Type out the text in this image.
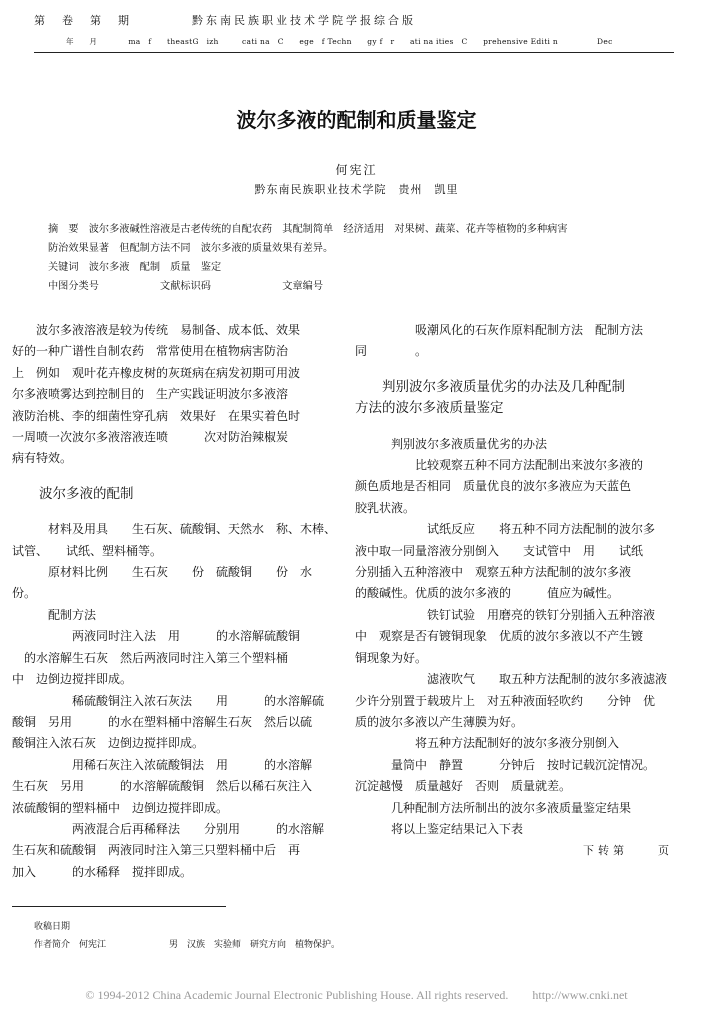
第　卷　第　期	黔东南民族职业技术学院学报综合版
年　　月　　　　ma　f　　theastG　izh　　　cati na　C　　ege　f Techn　　gy f　r　　ati na ities　C　　prehensive Editi n　　　　　Dec
波尔多液的配制和质量鉴定
何宪江
黔东南民族职业技术学院　贵州　凯里

摘　要　波尔多液碱性溶液是古老传统的自配农药　其配制简单　经济适用　对果树、蔬菜、花卉等植物的多种病害

防治效果显著　但配制方法不同　波尔多液的质量效果有差异。

关键词　波尔多液　配制　质量　鉴定

中图分类号　　　　　　文献标识码　　　　　　　文章编号

　　波尔多液溶液是较为传统　易制备、成本低、效果

好的一种广谱性自制农药　常常使用在植物病害防治

上　例如　观叶花卉橡皮树的灰斑病在病发初期可用波

尔多液喷雾达到控制目的　生产实践证明波尔多液溶

液防治桃、李的细菌性穿孔病　效果好　在果实着色时

一周喷一次波尔多液溶液连喷　　　次对防治辣椒炭

病有特效。

　　波尔多液的配制

　　　材料及用具　　生石灰、硫酸铜、天然水　称、木棒、

试管、　　试纸、塑料桶等。

　　　原材料比例　　生石灰　　份　硫酸铜　　份　水

份。

　　　配制方法

　　　　　两液同时注入法　用　　　的水溶解硫酸铜

　的水溶解生石灰　然后两液同时注入第三个塑料桶

中　边倒边搅拌即成。

　　　　　稀硫酸铜注入浓石灰法　　用　　　的水溶解硫

酸铜　另用　　　的水在塑料桶中溶解生石灰　然后以硫

酸铜注入浓石灰　边倒边搅拌即成。

　　　　　用稀石灰注入浓硫酸铜法　用　　　的水溶解

生石灰　另用　　　的水溶解硫酸铜　然后以稀石灰注入

浓硫酸铜的塑料桶中　边倒边搅拌即成。

　　　　　两液混合后再稀释法　　分别用　　　的水溶解

生石灰和硫酸铜　两液同时注入第三只塑料桶中后　再

加入　　　的水稀释　搅拌即成。

　　　　　吸潮风化的石灰作原料配制方法　配制方法

同　　　　。

　　判别波尔多液质量优劣的办法及几种配制

方法的波尔多液质量鉴定

　　　判别波尔多液质量优劣的办法

　　　　　比较观察五种不同方法配制出来波尔多液的

颜色质地是否相同　质量优良的波尔多液应为天蓝色

胶乳状液。

　　　　　　试纸反应　　将五种不同方法配制的波尔多

液中取一同量溶液分别倒入　　支试管中　用　　试纸

分别插入五种溶液中　观察五种方法配制的波尔多液

的酸碱性。优质的波尔多液的　　　值应为碱性。

　　　　　　铁钉试验　用磨亮的铁钉分别插入五种溶液

中　观察是否有镀铜现象　优质的波尔多液以不产生镀

铜现象为好。

　　　　　　滤液吹气　　取五种方法配制的波尔多液滤液

少许分别置于载玻片上　对五种液面轻吹约　　分钟　优

质的波尔多液以产生薄膜为好。

　　　　　将五种方法配制好的波尔多液分别倒入

　　　量筒中　静置　　　分钟后　按时记载沉淀情况。

沉淀越慢　质量越好　否则　质量就差。

　　　几种配制方法所制出的波尔多液质量鉴定结果

　　　将以上鉴定结果记入下表

下转第　　页

收稿日期
作者简介　何宪江　　　　　　　男　汉族　实验师　研究方向　植物保护。
© 1994-2012 China Academic Journal Electronic Publishing House. All rights reserved.　　http://www.cnki.net
